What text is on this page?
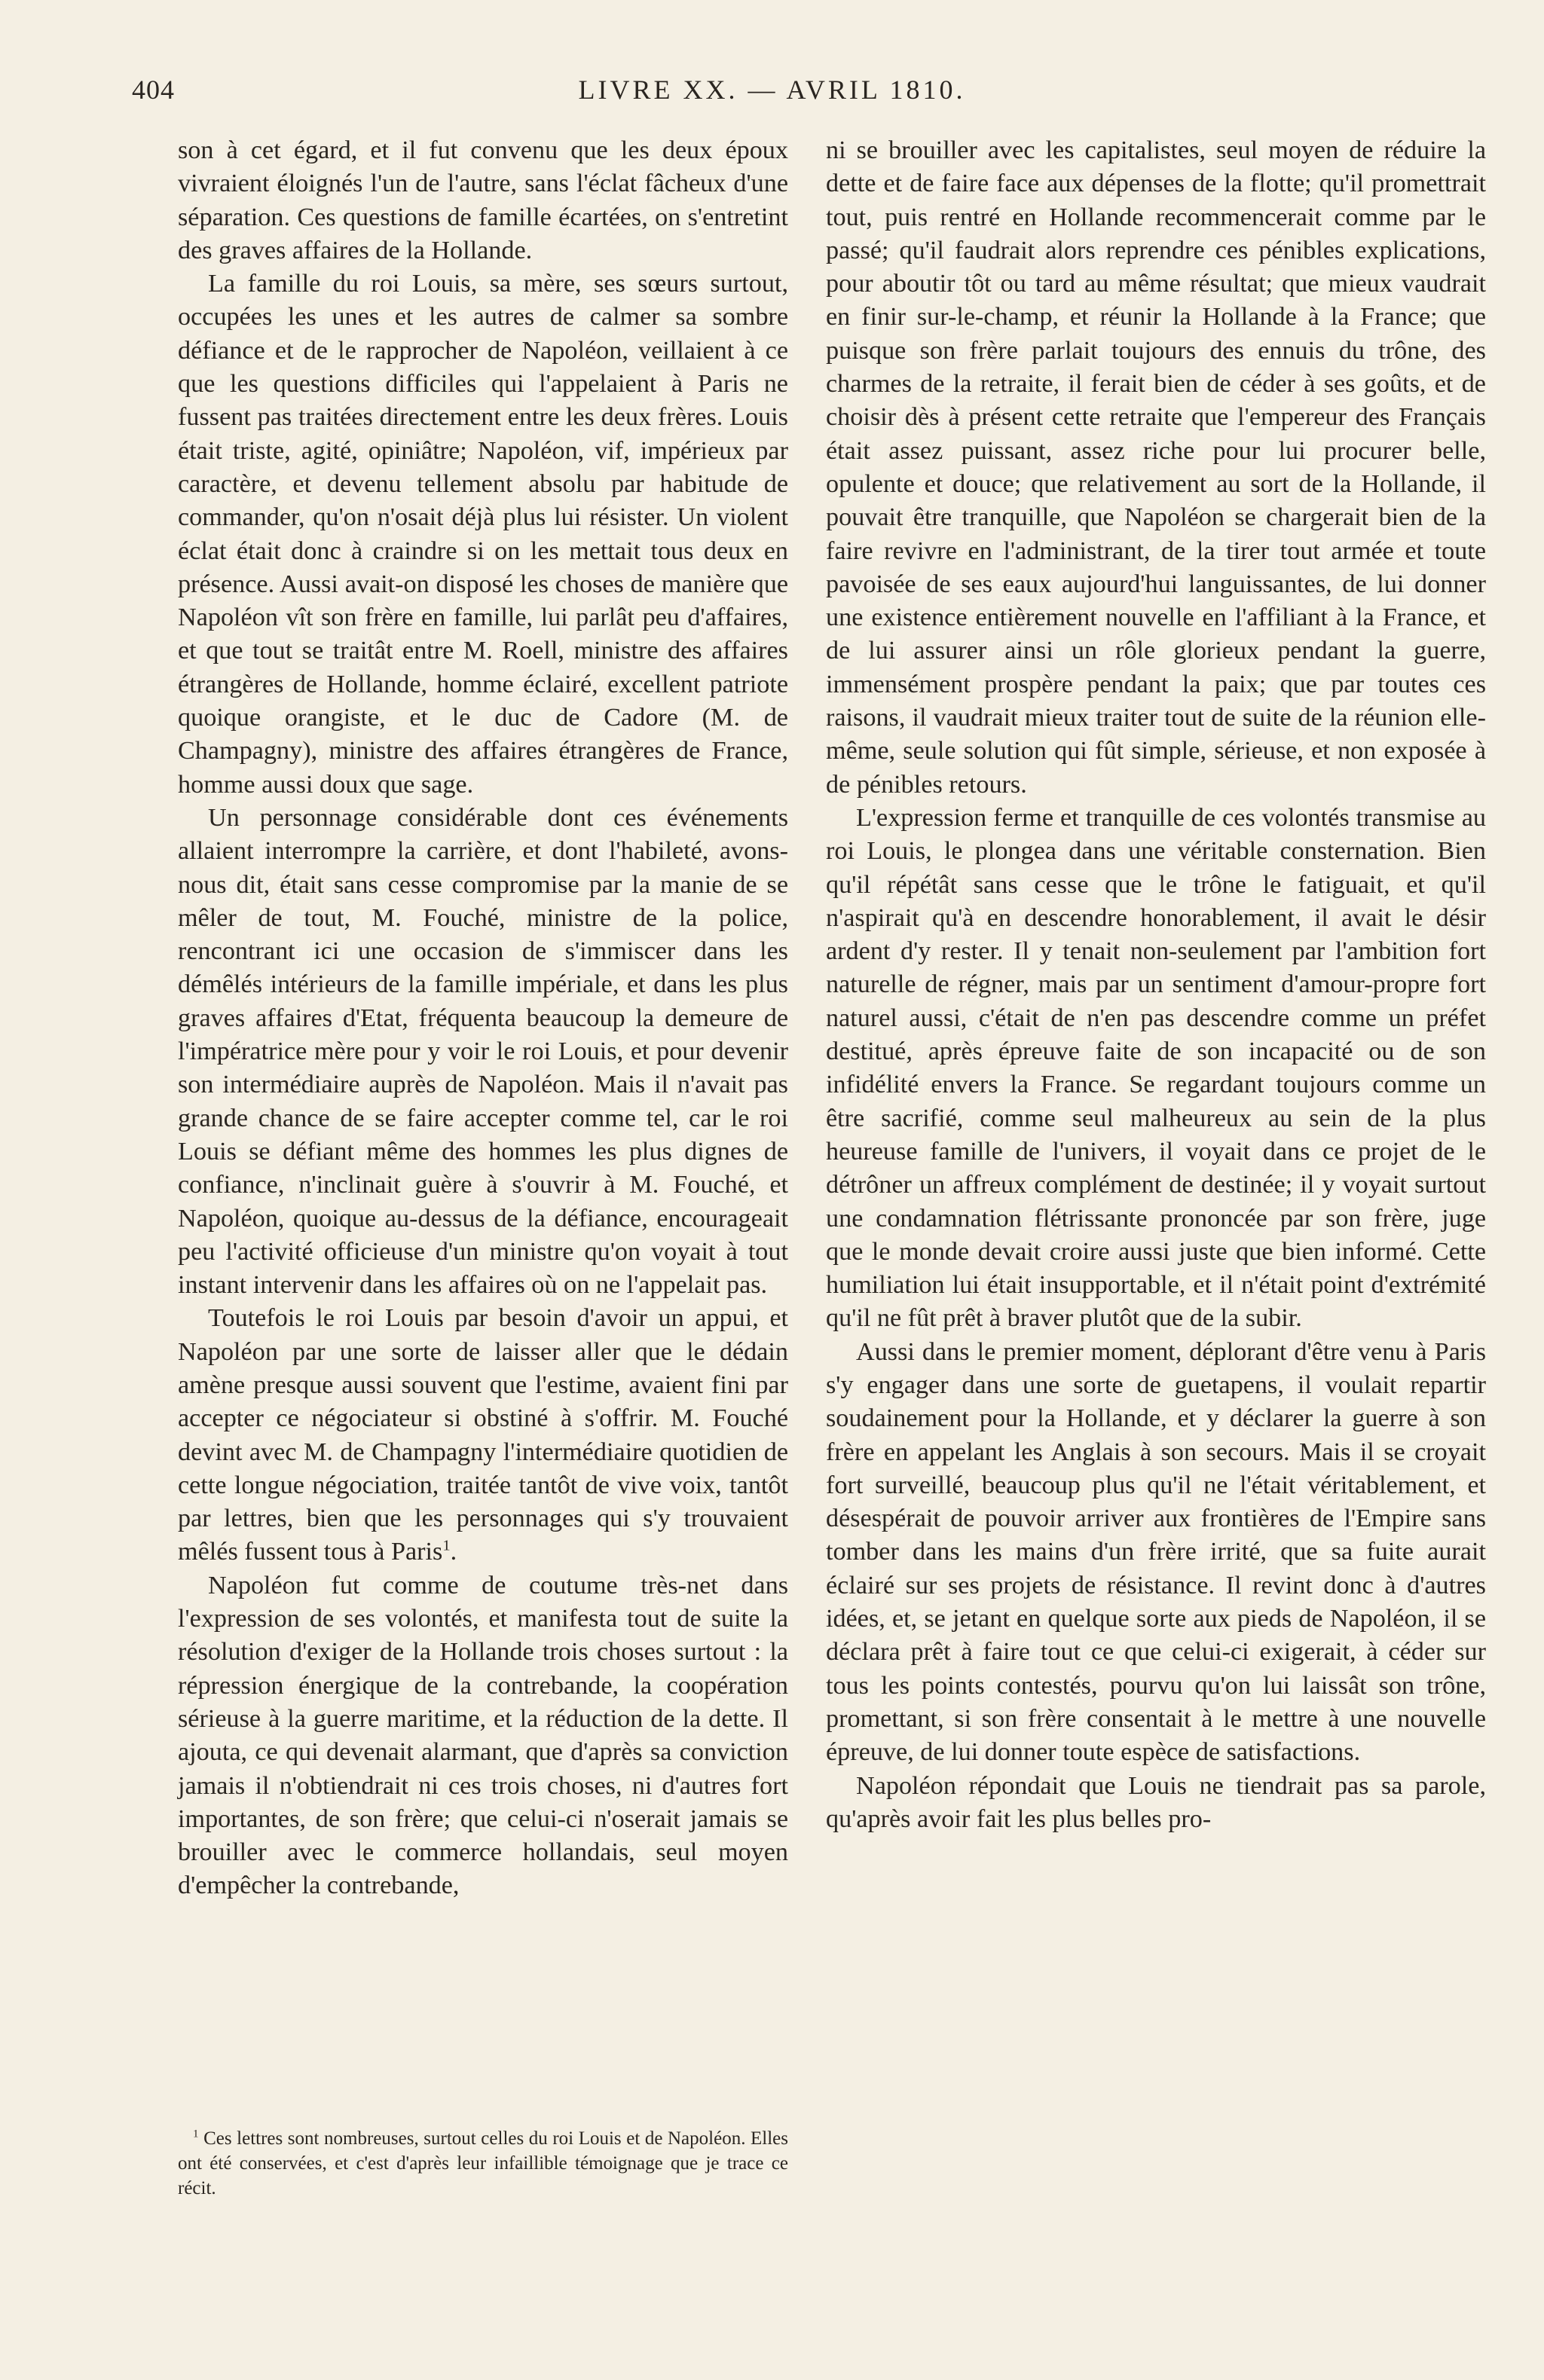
404	LIVRE XX. — AVRIL 1810.

son à cet égard, et il fut convenu que les deux époux vivraient éloignés l'un de l'autre, sans l'éclat fâcheux d'une séparation. Ces questions de famille écartées, on s'entretint des graves affaires de la Hollande.

La famille du roi Louis, sa mère, ses sœurs surtout, occupées les unes et les autres de calmer sa sombre défiance et de le rapprocher de Napoléon, veillaient à ce que les questions difficiles qui l'appelaient à Paris ne fussent pas traitées directement entre les deux frères. Louis était triste, agité, opiniâtre; Napoléon, vif, impérieux par caractère, et devenu tellement absolu par habitude de commander, qu'on n'osait déjà plus lui résister. Un violent éclat était donc à craindre si on les mettait tous deux en présence. Aussi avait-on disposé les choses de manière que Napoléon vît son frère en famille, lui parlât peu d'affaires, et que tout se traitât entre M. Roell, ministre des affaires étrangères de Hollande, homme éclairé, excellent patriote quoique orangiste, et le duc de Cadore (M. de Champagny), ministre des affaires étrangères de France, homme aussi doux que sage.

Un personnage considérable dont ces événements allaient interrompre la carrière, et dont l'habileté, avons-nous dit, était sans cesse compromise par la manie de se mêler de tout, M. Fouché, ministre de la police, rencontrant ici une occasion de s'immiscer dans les démêlés intérieurs de la famille impériale, et dans les plus graves affaires d'Etat, fréquenta beaucoup la demeure de l'impératrice mère pour y voir le roi Louis, et pour devenir son intermédiaire auprès de Napoléon. Mais il n'avait pas grande chance de se faire accepter comme tel, car le roi Louis se défiant même des hommes les plus dignes de confiance, n'inclinait guère à s'ouvrir à M. Fouché, et Napoléon, quoique au-dessus de la défiance, encourageait peu l'activité officieuse d'un ministre qu'on voyait à tout instant intervenir dans les affaires où on ne l'appelait pas.

Toutefois le roi Louis par besoin d'avoir un appui, et Napoléon par une sorte de laisser aller que le dédain amène presque aussi souvent que l'estime, avaient fini par accepter ce négociateur si obstiné à s'offrir. M. Fouché devint avec M. de Champagny l'intermédiaire quotidien de cette longue négociation, traitée tantôt de vive voix, tantôt par lettres, bien que les personnages qui s'y trouvaient mêlés fussent tous à Paris$^1$.

Napoléon fut comme de coutume très-net dans l'expression de ses volontés, et manifesta tout de suite la résolution d'exiger de la Hollande trois choses surtout : la répression énergique de la contrebande, la coopération sérieuse à la guerre maritime, et la réduction de la dette. Il ajouta, ce qui devenait alarmant, que d'après sa conviction jamais il n'obtiendrait ni ces trois choses, ni d'autres fort importantes, de son frère; que celui-ci n'oserait jamais se brouiller avec le commerce hollandais, seul moyen d'empêcher la contrebande,

$^1$ Ces lettres sont nombreuses, surtout celles du roi Louis et de Napoléon. Elles ont été conservées, et c'est d'après leur infaillible témoignage que je trace ce récit.

ni se brouiller avec les capitalistes, seul moyen de réduire la dette et de faire face aux dépenses de la flotte; qu'il promettrait tout, puis rentré en Hollande recommencerait comme par le passé; qu'il faudrait alors reprendre ces pénibles explications, pour aboutir tôt ou tard au même résultat; que mieux vaudrait en finir sur-le-champ, et réunir la Hollande à la France; que puisque son frère parlait toujours des ennuis du trône, des charmes de la retraite, il ferait bien de céder à ses goûts, et de choisir dès à présent cette retraite que l'empereur des Français était assez puissant, assez riche pour lui procurer belle, opulente et douce; que relativement au sort de la Hollande, il pouvait être tranquille, que Napoléon se chargerait bien de la faire revivre en l'administrant, de la tirer tout armée et toute pavoisée de ses eaux aujourd'hui languissantes, de lui donner une existence entièrement nouvelle en l'affiliant à la France, et de lui assurer ainsi un rôle glorieux pendant la guerre, immensément prospère pendant la paix; que par toutes ces raisons, il vaudrait mieux traiter tout de suite de la réunion elle-même, seule solution qui fût simple, sérieuse, et non exposée à de pénibles retours.

L'expression ferme et tranquille de ces volontés transmise au roi Louis, le plongea dans une véritable consternation. Bien qu'il répétât sans cesse que le trône le fatiguait, et qu'il n'aspirait qu'à en descendre honorablement, il avait le désir ardent d'y rester. Il y tenait non-seulement par l'ambition fort naturelle de régner, mais par un sentiment d'amour-propre fort naturel aussi, c'était de n'en pas descendre comme un préfet destitué, après épreuve faite de son incapacité ou de son infidélité envers la France. Se regardant toujours comme un être sacrifié, comme seul malheureux au sein de la plus heureuse famille de l'univers, il voyait dans ce projet de le détrôner un affreux complément de destinée; il y voyait surtout une condamnation flétrissante prononcée par son frère, juge que le monde devait croire aussi juste que bien informé. Cette humiliation lui était insupportable, et il n'était point d'extrémité qu'il ne fût prêt à braver plutôt que de la subir.

Aussi dans le premier moment, déplorant d'être venu à Paris s'y engager dans une sorte de guetapens, il voulait repartir soudainement pour la Hollande, et y déclarer la guerre à son frère en appelant les Anglais à son secours. Mais il se croyait fort surveillé, beaucoup plus qu'il ne l'était véritablement, et désespérait de pouvoir arriver aux frontières de l'Empire sans tomber dans les mains d'un frère irrité, que sa fuite aurait éclairé sur ses projets de résistance. Il revint donc à d'autres idées, et, se jetant en quelque sorte aux pieds de Napoléon, il se déclara prêt à faire tout ce que celui-ci exigerait, à céder sur tous les points contestés, pourvu qu'on lui laissât son trône, promettant, si son frère consentait à le mettre à une nouvelle épreuve, de lui donner toute espèce de satisfactions.

Napoléon répondait que Louis ne tiendrait pas sa parole, qu'après avoir fait les plus belles pro-
